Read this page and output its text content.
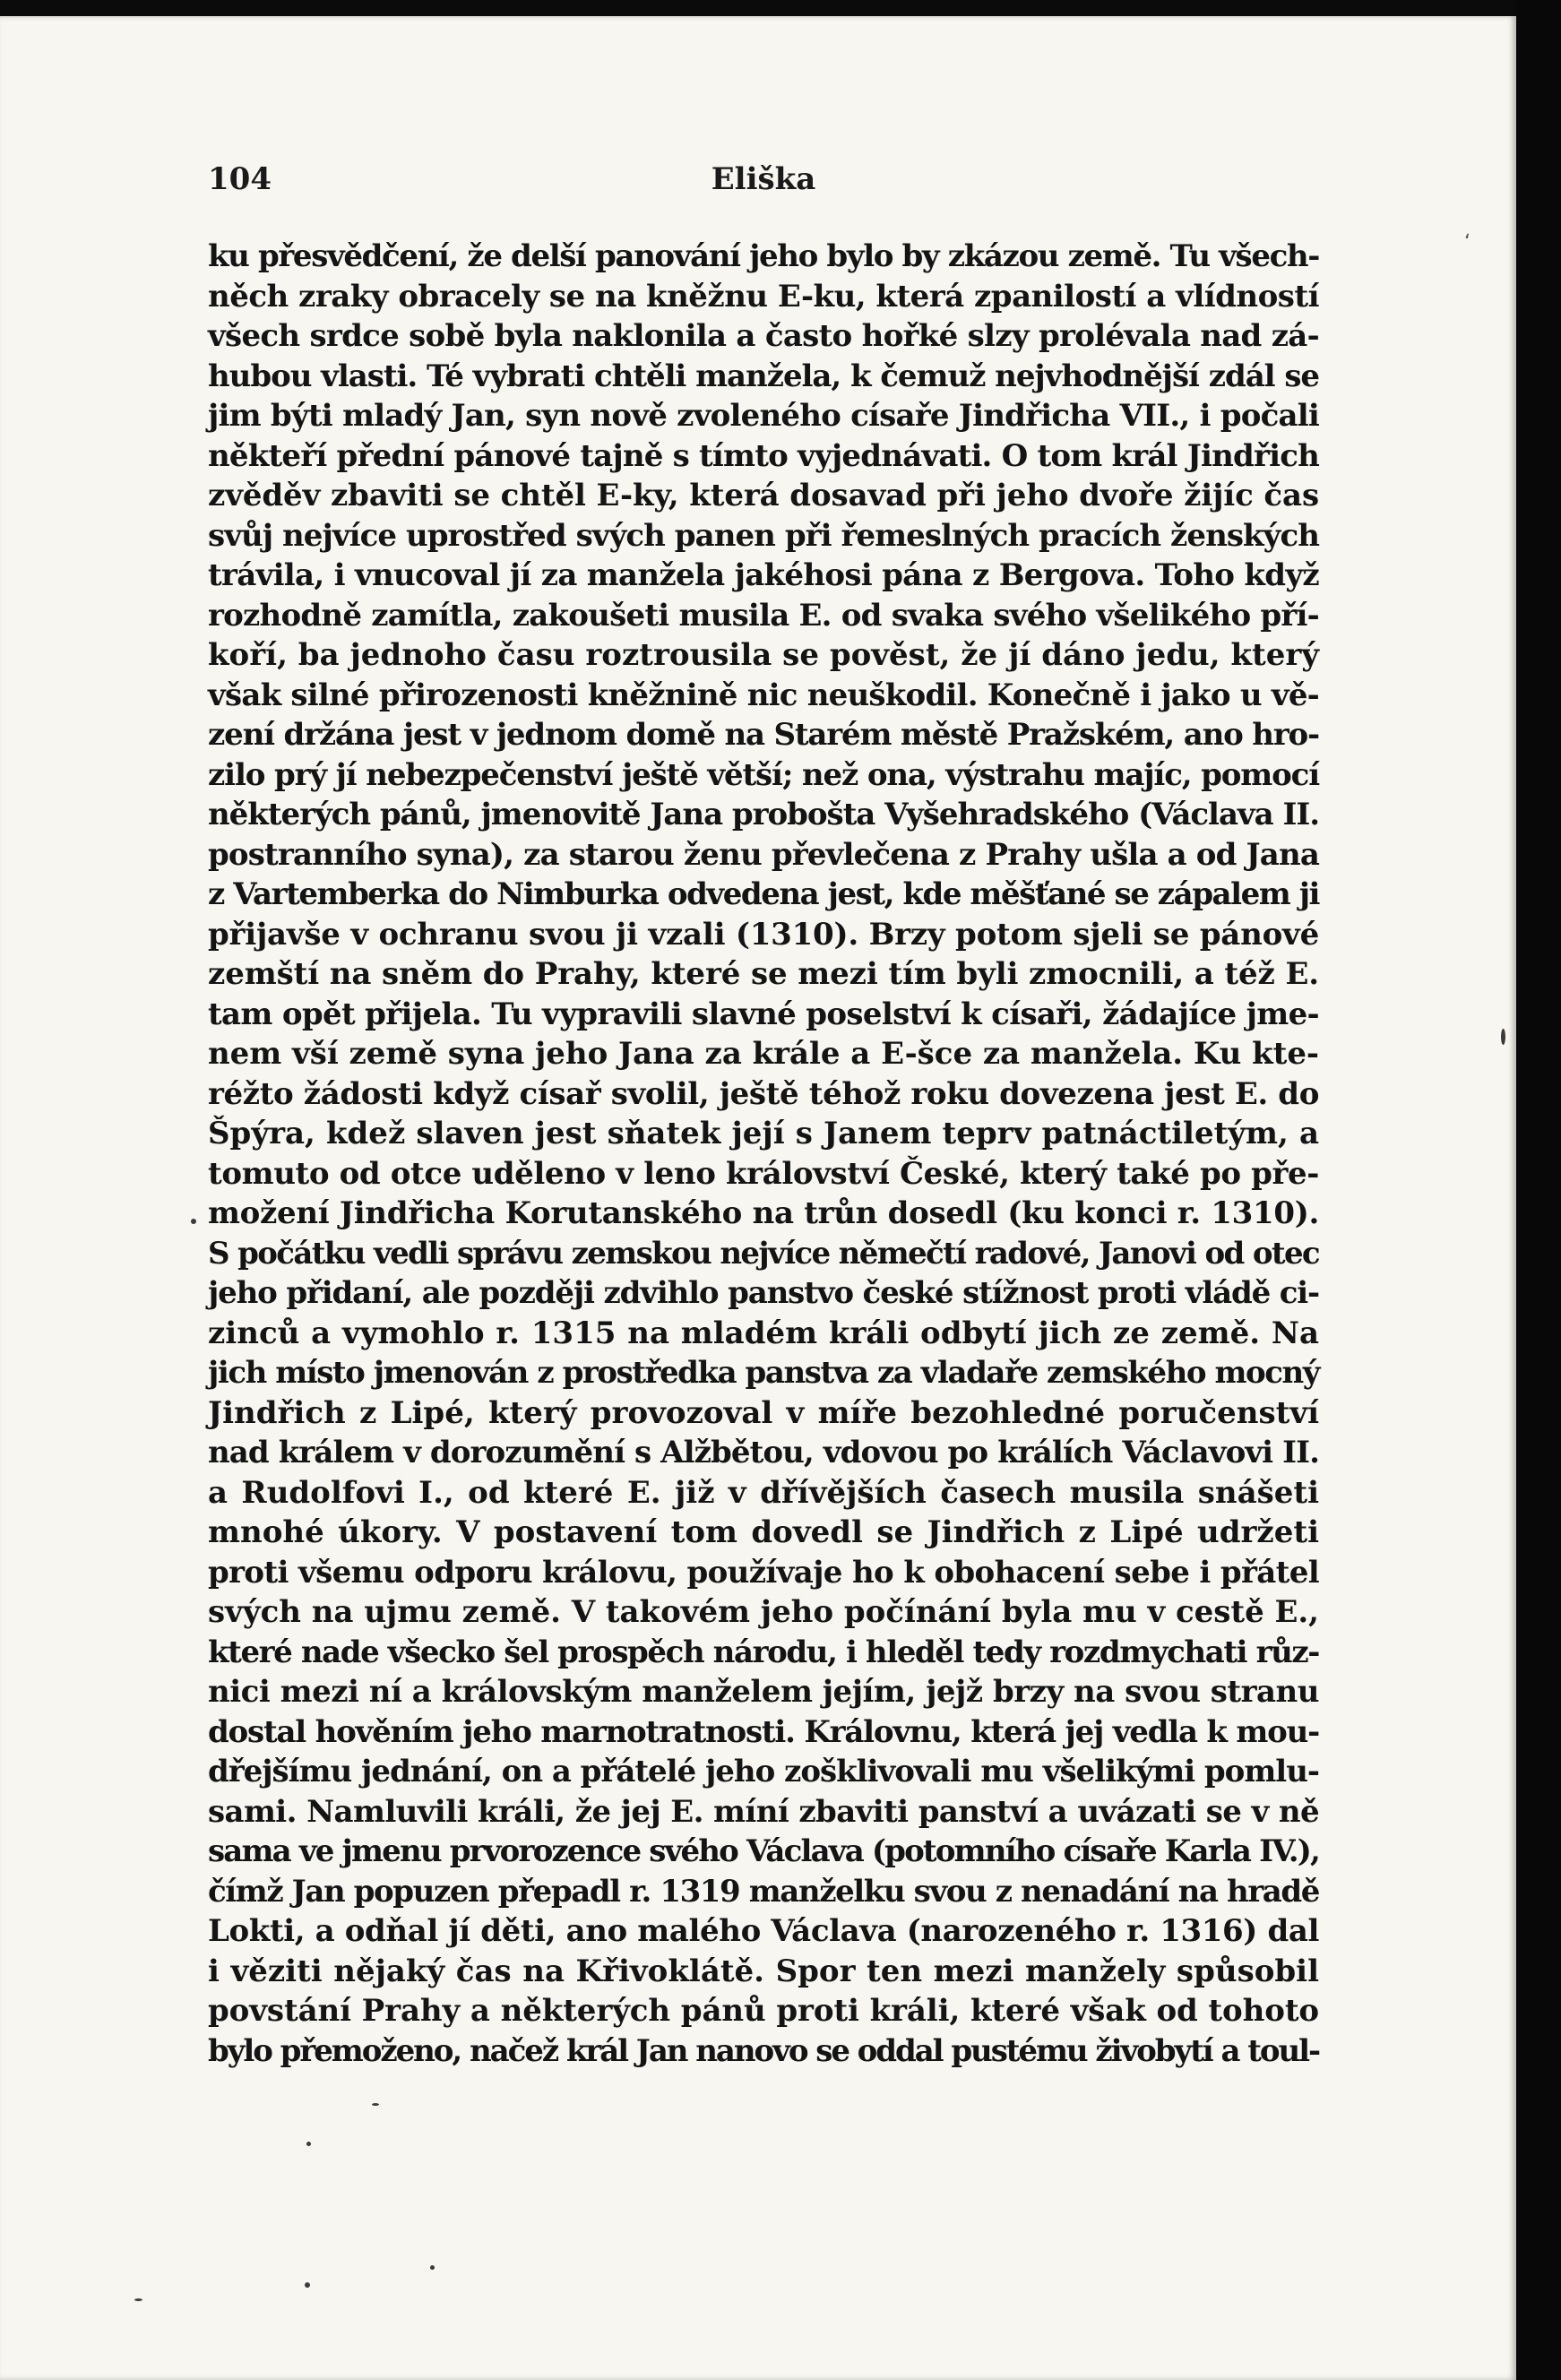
104	Eliška
ku přesvědčení, že delší panování jeho bylo by zkázou země. Tu všech-
něch zraky obracely se na kněžnu E-ku, která zpanilostí a vlídností
všech srdce sobě byla naklonila a často hořké slzy prolévala nad zá-
hubou vlasti. Té vybrati chtěli manžela, k čemuž nejvhodnější zdál se
jim býti mladý Jan, syn nově zvoleného císaře Jindřicha VII., i počali
někteří přední pánové tajně s tímto vyjednávati. O tom král Jindřich
zvěděv zbaviti se chtěl E-ky, která dosavad při jeho dvoře žijíc čas
svůj nejvíce uprostřed svých panen při řemeslných pracích ženských
trávila, i vnucoval jí za manžela jakéhosi pána z Bergova. Toho když
rozhodně zamítla, zakoušeti musila E. od svaka svého všelikého pří-
koří, ba jednoho času roztrousila se pověst, že jí dáno jedu, který
však silné přirozenosti kněžnině nic neuškodil. Konečně i jako u vě-
zení držána jest v jednom domě na Starém městě Pražském, ano hro-
zilo prý jí nebezpečenství ještě větší; než ona, výstrahu majíc, pomocí
některých pánů, jmenovitě Jana probošta Vyšehradského (Václava II.
postranního syna), za starou ženu převlečena z Prahy ušla a od Jana
z Vartemberka do Nimburka odvedena jest, kde měšťané se zápalem ji
přijavše v ochranu svou ji vzali (1310). Brzy potom sjeli se pánové
zemští na sněm do Prahy, které se mezi tím byli zmocnili, a též E.
tam opět přijela. Tu vypravili slavné poselství k císaři, žádajíce jme-
nem vší země syna jeho Jana za krále a E-šce za manžela. Ku kte-
réžto žádosti když císař svolil, ještě téhož roku dovezena jest E. do
Špýra, kdež slaven jest sňatek její s Janem teprv patnáctiletým, a
tomuto od otce uděleno v leno království České, který také po pře-
možení Jindřicha Korutanského na trůn dosedl (ku konci r. 1310).
S počátku vedli správu zemskou nejvíce němečtí radové, Janovi od otec
jeho přidaní, ale později zdvihlo panstvo české stížnost proti vládě ci-
zinců a vymohlo r. 1315 na mladém králi odbytí jich ze země. Na
jich místo jmenován z prostředka panstva za vladaře zemského mocný
Jindřich z Lipé, který provozoval v míře bezohledné poručenství
nad králem v dorozumění s Alžbětou, vdovou po králích Václavovi II.
a Rudolfovi I., od které E. již v dřívějších časech musila snášeti
mnohé úkory. V postavení tom dovedl se Jindřich z Lipé udržeti
proti všemu odporu královu, používaje ho k obohacení sebe i přátel
svých na ujmu země. V takovém jeho počínání byla mu v cestě E.,
které nade všecko šel prospěch národu, i hleděl tedy rozdmychati růz-
nici mezi ní a královským manželem jejím, jejž brzy na svou stranu
dostal hověním jeho marnotratnosti. Královnu, která jej vedla k mou-
dřejšímu jednání, on a přátelé jeho zošklivovali mu všelikými pomlu-
sami. Namluvili králi, že jej E. míní zbaviti panství a uvázati se v ně
sama ve jmenu prvorozence svého Václava (potomního císaře Karla IV.),
čímž Jan popuzen přepadl r. 1319 manželku svou z nenadání na hradě
Lokti, a odňal jí děti, ano malého Václava (narozeného r. 1316) dal
i věziti nějaký čas na Křivoklátě. Spor ten mezi manžely spůsobil
povstání Prahy a některých pánů proti králi, které však od tohoto
bylo přemoženo, načež král Jan nanovo se oddal pustému živobytí a toul-
ʻ
